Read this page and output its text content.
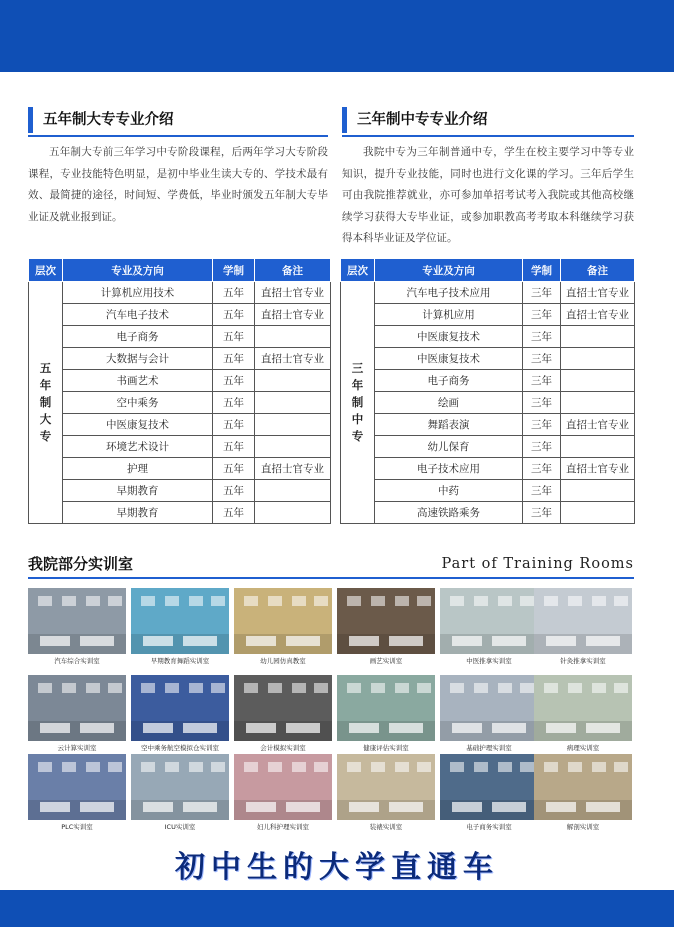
五年制大专专业介绍

五年制大专前三年学习中专阶段课程，后两年学习大专阶段课程，专业技能特色明显，是初中毕业生读大专的、学技术最有效、最简捷的途径，时间短、学费低，毕业时颁发五年制大专毕业证及就业报到证。

层次	专业及方向	学制	备注

五
年
制
大
专	计算机应用技术	五年	直招士官专业
	汽车电子技术	五年	直招士官专业
	电子商务	五年	
	大数据与会计	五年	直招士官专业
	书画艺术	五年	
	空中乘务	五年	
	中医康复技术	五年	
	环境艺术设计	五年	
	护理	五年	直招士官专业
	早期教育	五年	
	早期教育	五年	
三年制中专专业介绍

我院中专为三年制普通中专，学生在校主要学习中等专业知识，提升专业技能，同时也进行文化课的学习。三年后学生可由我院推荐就业，亦可参加单招考试考入我院或其他高校继续学习获得大专毕业证，或参加职教高考考取本科继续学习获得本科毕业证及学位证。

层次	专业及方向	学制	备注

三
年
制
中
专	汽车电子技术应用	三年	直招士官专业
	计算机应用	三年	直招士官专业
	中医康复技术	三年	
	中医康复技术	三年	
	电子商务	三年	
	绘画	三年	
	舞蹈表演	三年	直招士官专业
	幼儿保育	三年	
	电子技术应用	三年	直招士官专业
	中药	三年	
	高速铁路乘务	三年	
我院部分实训室	Part of Training Rooms
汽车综合实训室	早期教育舞蹈实训室	幼儿园仿真教室	画艺实训室	中医推拿实训室	针灸推拿实训室
云计算实训室	空中乘务航空模拟仓实训室	会计模拟实训室	健康评估实训室	基础护理实训室	病理实训室
PLC实训室	ICU实训室	妇儿科护理实训室	装裱实训室	电子商务实训室	解剖实训室
初中生的大学直通车
